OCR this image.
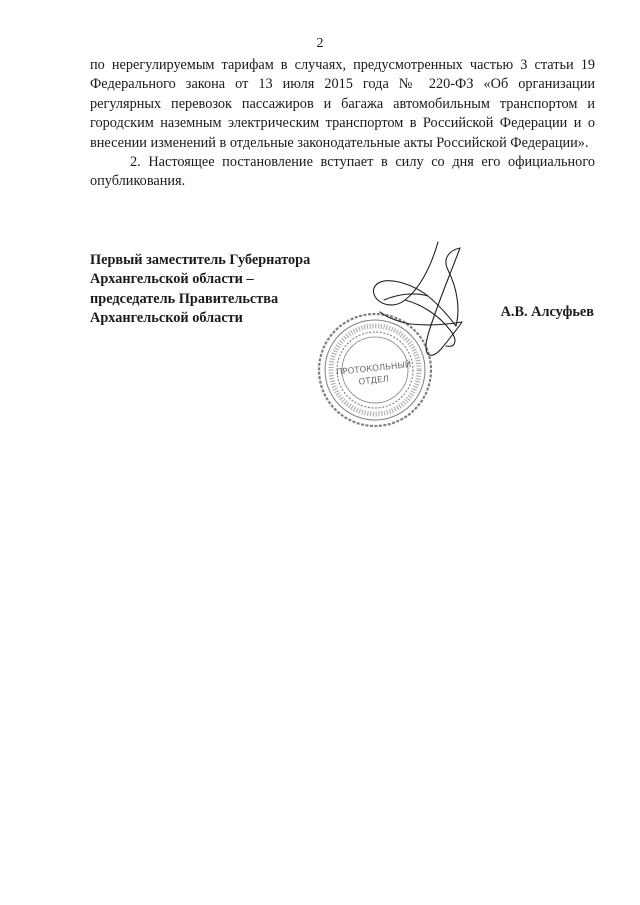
2

по нерегулируемым тарифам в случаях, предусмотренных частью 3 статьи 19 Федерального закона от 13 июля 2015 года № 220-ФЗ «Об организации регулярных перевозок пассажиров и багажа автомобильным транспортом и городским наземным электрическим транспортом в Российской Федерации и о внесении изменений в отдельные законодательные акты Российской Федерации».

2. Настоящее постановление вступает в силу со дня его официального опубликования.

Первый заместитель Губернатора
Архангельской области –
председатель Правительства
Архангельской области	А.В. Алсуфьев
ПРОТОКОЛЬНЫЙ
ОТДЕЛ
